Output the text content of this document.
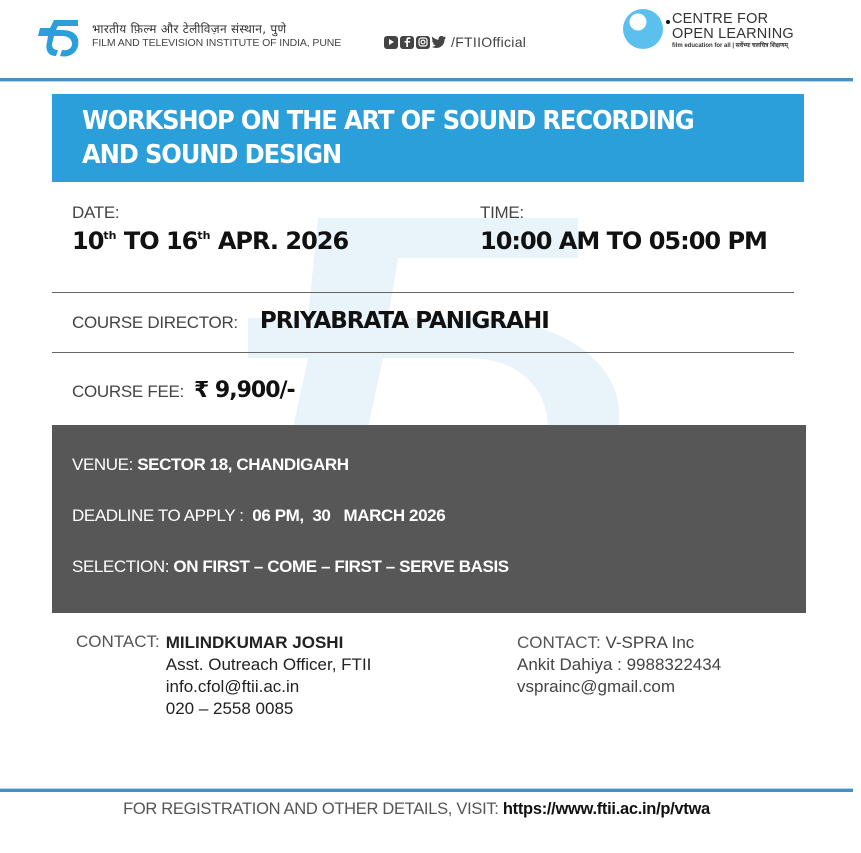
भारतीय फ़िल्म और टेलीविज़न संस्थान, पुणे
FILM AND TELEVISION INSTITUTE OF INDIA, PUNE	/FTIIOfficial
CENTRE FOR
OPEN LEARNING
film education for all | सर्वेभ्यः चलचित्र शिक्षणम्
WORKSHOP ON THE ART OF SOUND RECORDING
AND SOUND DESIGN
DATE:
10th TO 16th APR. 2026
TIME:
10:00 AM TO 05:00 PM
COURSE DIRECTOR: PRIYABRATA PANIGRAHI
COURSE FEE: ₹ 9,900/-
VENUE: SECTOR 18, CHANDIGARH
DEADLINE TO APPLY :  06 PM,  30   MARCH 2026
SELECTION: ON FIRST – COME – FIRST – SERVE BASIS
CONTACT: MILINDKUMAR JOSHI
Asst. Outreach Officer, FTII
info.cfol@ftii.ac.in
020 – 2558 0085
CONTACT: V-SPRA Inc
Ankit Dahiya : 9988322434
vsprainc@gmail.com
FOR REGISTRATION AND OTHER DETAILS, VISIT: https://www.ftii.ac.in/p/vtwa
